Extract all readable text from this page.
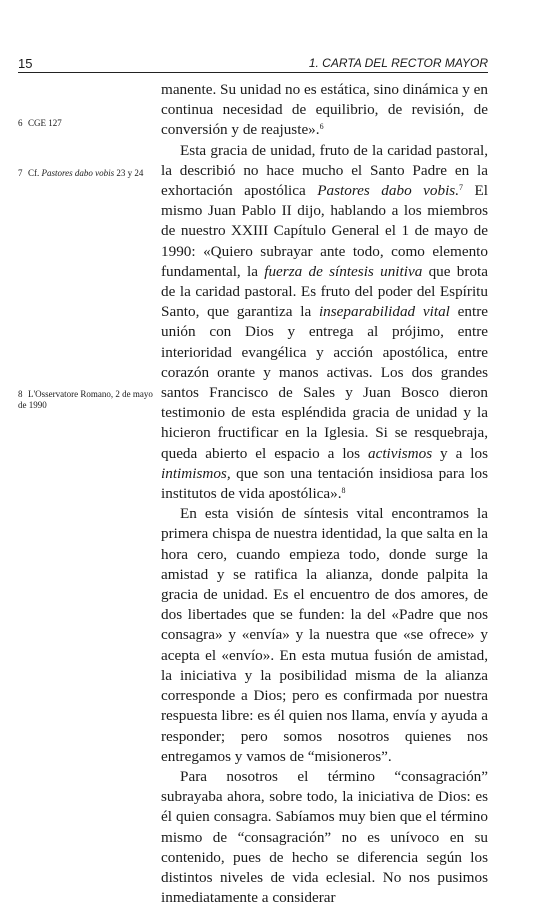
15	1. CARTA DEL RECTOR MAYOR
6 CGE 127
7 Cf. Pastores dabo vobis 23 y 24
8 L'Osservatore Romano, 2 de mayo de 1990

manente. Su unidad no es estática, sino dinámica y en continua necesidad de equilibrio, de revisión, de conversión y de reajuste».$^6$

Esta gracia de unidad, fruto de la caridad pastoral, la describió no hace mucho el Santo Padre en la exhortación apostólica Pastores dabo vobis.$^7$ El mismo Juan Pablo II dijo, hablando a los miembros de nuestro XXIII Capítulo General el 1 de mayo de 1990: «Quiero subrayar ante todo, como elemento fundamental, la fuerza de síntesis unitiva que brota de la caridad pastoral. Es fruto del poder del Espíritu Santo, que garantiza la inseparabilidad vital entre unión con Dios y entrega al prójimo, entre interioridad evangélica y acción apostólica, entre corazón orante y manos activas. Los dos grandes santos Francisco de Sales y Juan Bosco dieron testimonio de esta espléndida gracia de unidad y la hicieron fructificar en la Iglesia. Si se resquebraja, queda abierto el espacio a los activismos y a los intimismos, que son una tentación insidiosa para los institutos de vida apostólica».$^8$

En esta visión de síntesis vital encontramos la primera chispa de nuestra identidad, la que salta en la hora cero, cuando empieza todo, donde surge la amistad y se ratifica la alianza, donde palpita la gracia de unidad. Es el encuentro de dos amores, de dos libertades que se funden: la del «Padre que nos consagra» y «envía» y la nuestra que «se ofrece» y acepta el «envío». En esta mutua fusión de amistad, la iniciativa y la posibilidad misma de la alianza corresponde a Dios; pero es confirmada por nuestra respuesta libre: es él quien nos llama, envía y ayuda a responder; pero somos nosotros quienes nos entregamos y vamos de “misioneros”.

Para nosotros el término “consagración” subrayaba ahora, sobre todo, la iniciativa de Dios: es él quien consagra. Sabíamos muy bien que el término mismo de “consagración” no es unívoco en su contenido, pues de hecho se diferencia según los distintos niveles de vida eclesial. No nos pusimos inmediatamente a considerar
